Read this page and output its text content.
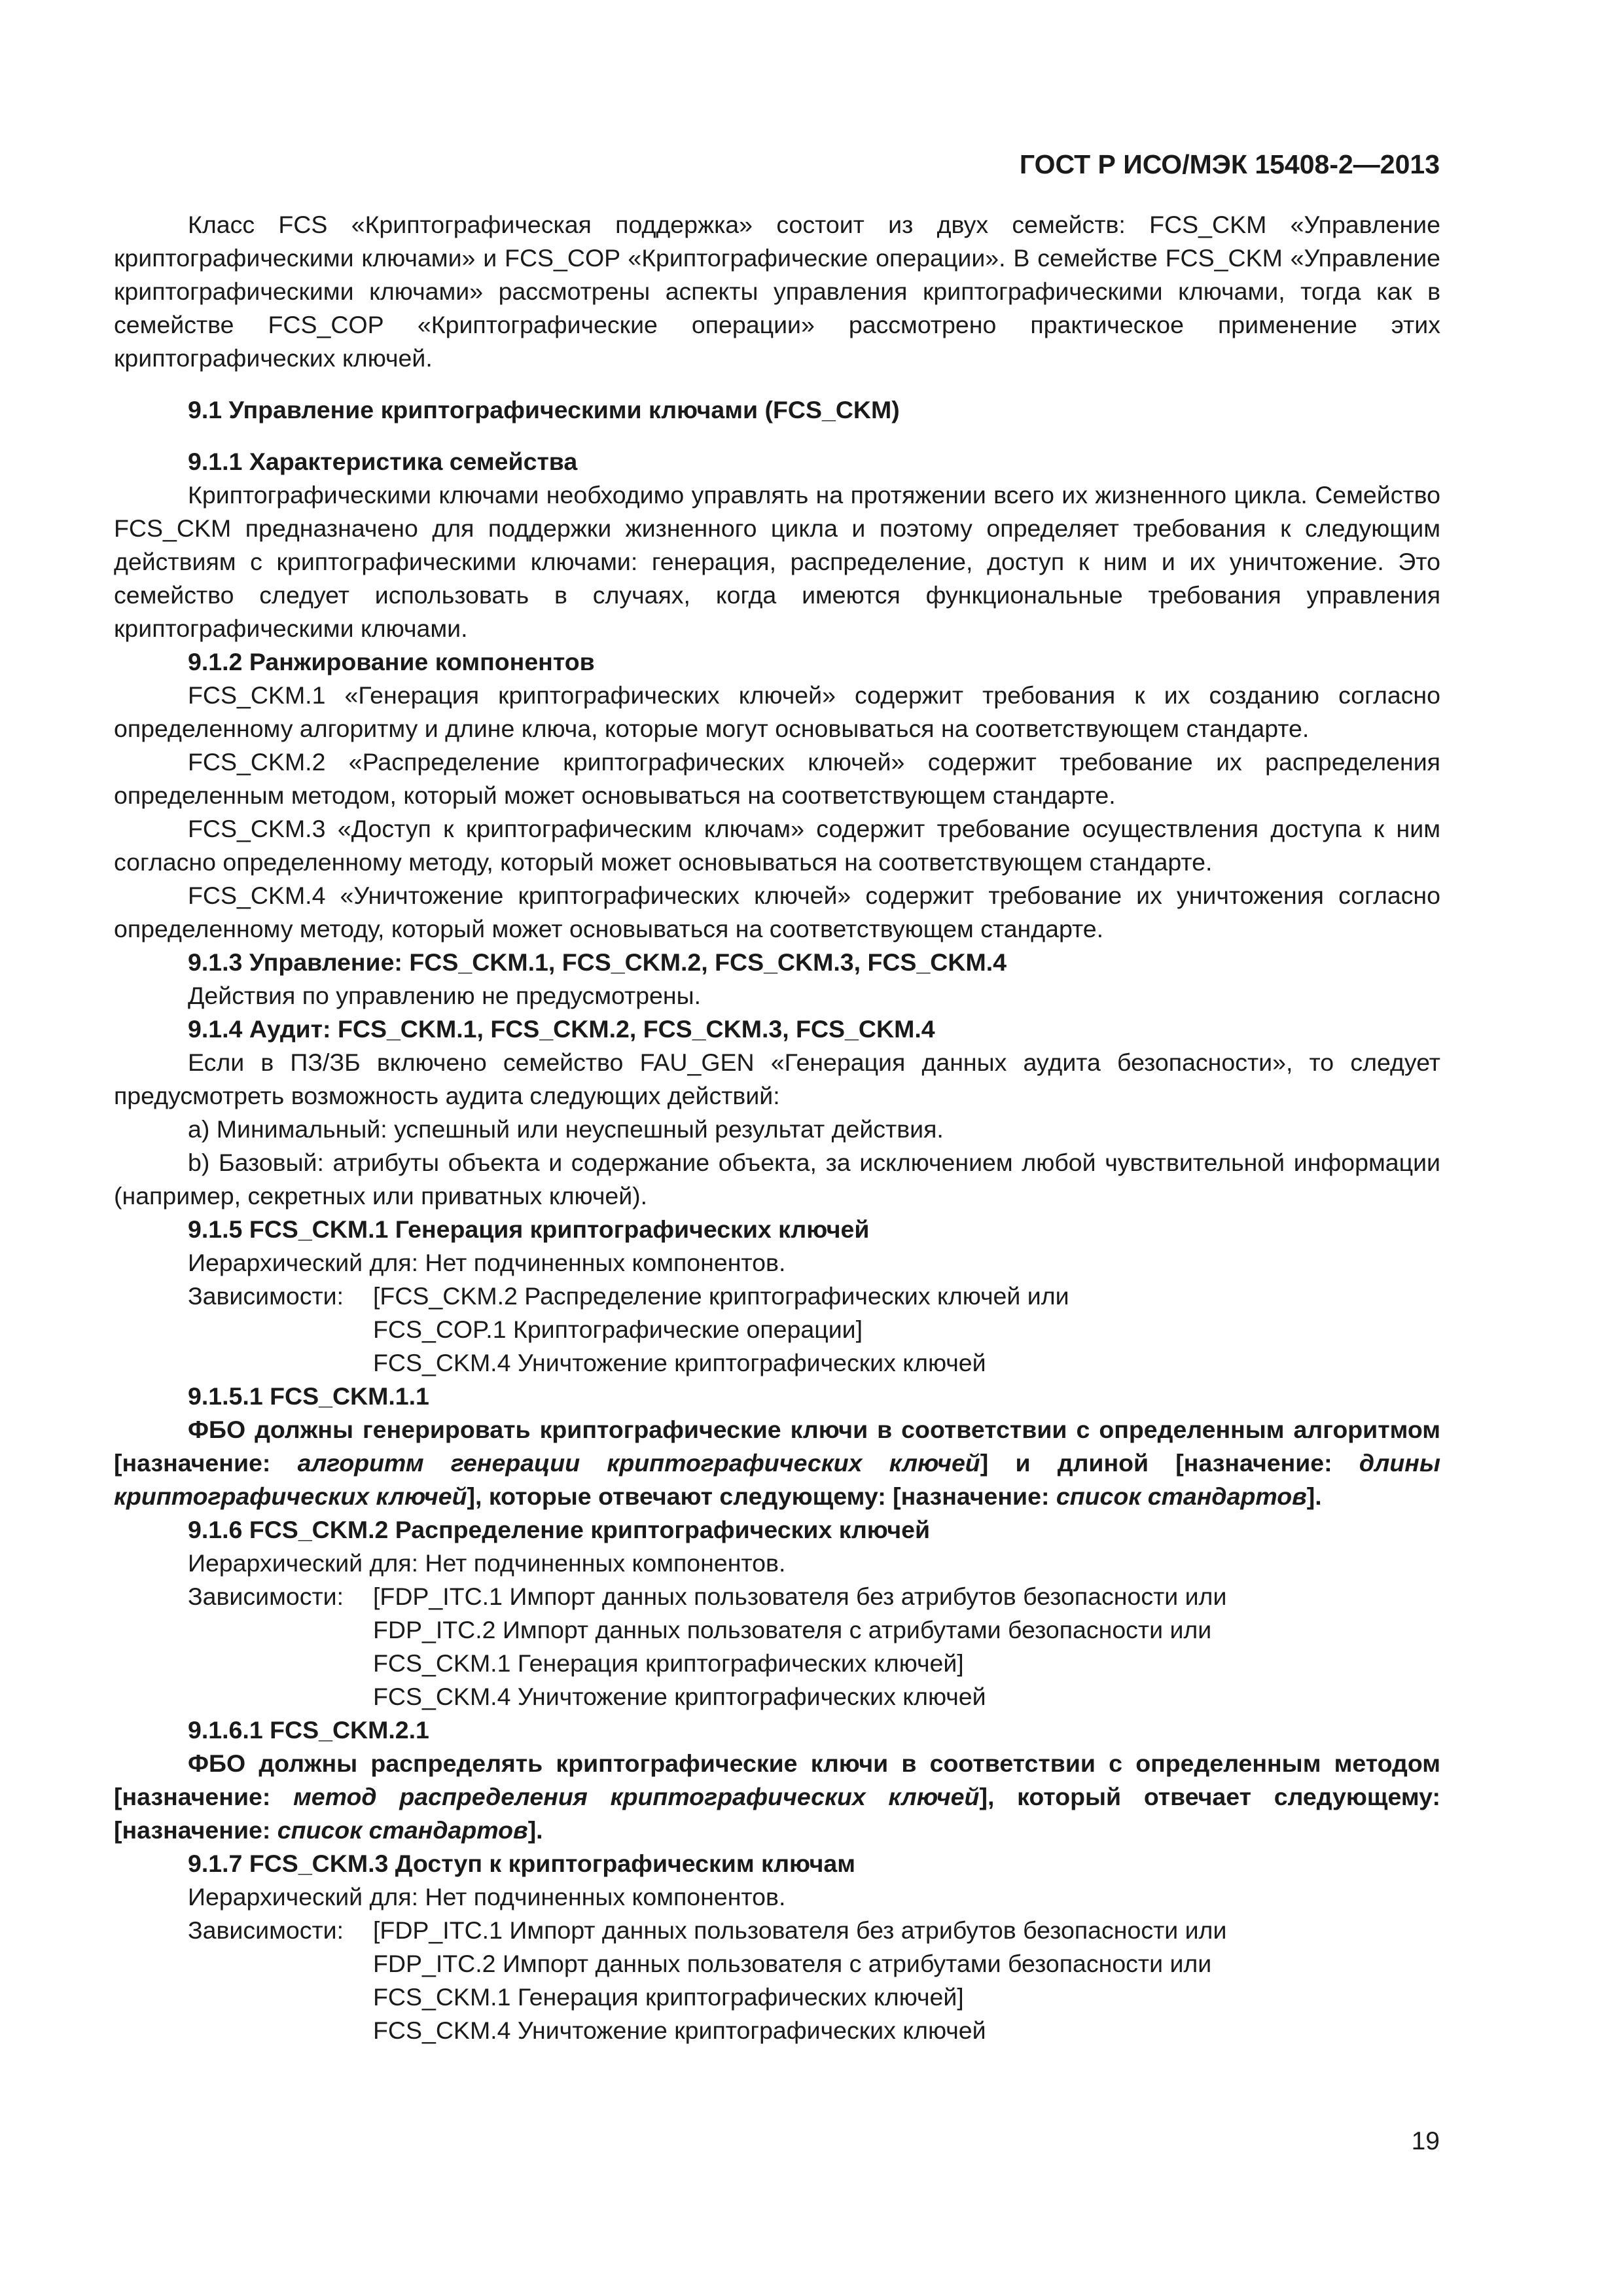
ГОСТ Р ИСО/МЭК 15408-2—2013

Класс FCS «Криптографическая поддержка» состоит из двух семейств: FCS_CKM «Управление криптографическими ключами» и FCS_COP «Криптографические операции». В семействе FCS_CKM «Управление криптографическими ключами» рассмотрены аспекты управления криптографическими ключами, тогда как в семействе FCS_COP «Криптографические операции» рассмотрено практическое применение этих криптографических ключей.

9.1 Управление криптографическими ключами (FCS_CKM)

9.1.1 Характеристика семейства

Криптографическими ключами необходимо управлять на протяжении всего их жизненного цикла. Семейство FCS_CKM предназначено для поддержки жизненного цикла и поэтому определяет требования к следующим действиям с криптографическими ключами: генерация, распределение, доступ к ним и их уничтожение. Это семейство следует использовать в случаях, когда имеются функциональные требования управления криптографическими ключами.

9.1.2 Ранжирование компонентов

FCS_CKM.1 «Генерация криптографических ключей» содержит требования к их созданию согласно определенному алгоритму и длине ключа, которые могут основываться на соответствующем стандарте.

FCS_CKM.2 «Распределение криптографических ключей» содержит требование их распределения определенным методом, который может основываться на соответствующем стандарте.

FCS_CKM.3 «Доступ к криптографическим ключам» содержит требование осуществления доступа к ним согласно определенному методу, который может основываться на соответствующем стандарте.

FCS_CKM.4 «Уничтожение криптографических ключей» содержит требование их уничтожения согласно определенному методу, который может основываться на соответствующем стандарте.

9.1.3 Управление: FCS_CKM.1, FCS_CKM.2, FCS_CKM.3, FCS_CKM.4

Действия по управлению не предусмотрены.

9.1.4 Аудит: FCS_CKM.1, FCS_CKM.2, FCS_CKM.3, FCS_CKM.4

Если в ПЗ/ЗБ включено семейство FAU_GEN «Генерация данных аудита безопасности», то следует предусмотреть возможность аудита следующих действий:

a) Минимальный: успешный или неуспешный результат действия.

b) Базовый: атрибуты объекта и содержание объекта, за исключением любой чувствительной информации (например, секретных или приватных ключей).

9.1.5 FCS_CKM.1 Генерация криптографических ключей

Иерархический для: Нет подчиненных компонентов.

Зависимости: [FCS_CKM.2 Распределение криптографических ключей или

FCS_COP.1 Криптографические операции]

FCS_CKM.4 Уничтожение криптографических ключей

9.1.5.1 FCS_CKM.1.1

ФБО должны генерировать криптографические ключи в соответствии с определенным алгоритмом [назначение: алгоритм генерации криптографических ключей] и длиной [назначение: длины криптографических ключей], которые отвечают следующему: [назначение: список стандартов].

9.1.6 FCS_CKM.2 Распределение криптографических ключей

Иерархический для: Нет подчиненных компонентов.

Зависимости: [FDP_ITC.1 Импорт данных пользователя без атрибутов безопасности или

FDP_ITC.2 Импорт данных пользователя с атрибутами безопасности или

FCS_CKM.1 Генерация криптографических ключей]

FCS_CKM.4 Уничтожение криптографических ключей

9.1.6.1 FCS_CKM.2.1

ФБО должны распределять криптографические ключи в соответствии с определенным методом [назначение: метод распределения криптографических ключей], который отвечает следующему: [назначение: список стандартов].

9.1.7 FCS_CKM.3 Доступ к криптографическим ключам

Иерархический для: Нет подчиненных компонентов.

Зависимости: [FDP_ITC.1 Импорт данных пользователя без атрибутов безопасности или

FDP_ITC.2 Импорт данных пользователя с атрибутами безопасности или

FCS_CKM.1 Генерация криптографических ключей]

FCS_CKM.4 Уничтожение криптографических ключей

19
